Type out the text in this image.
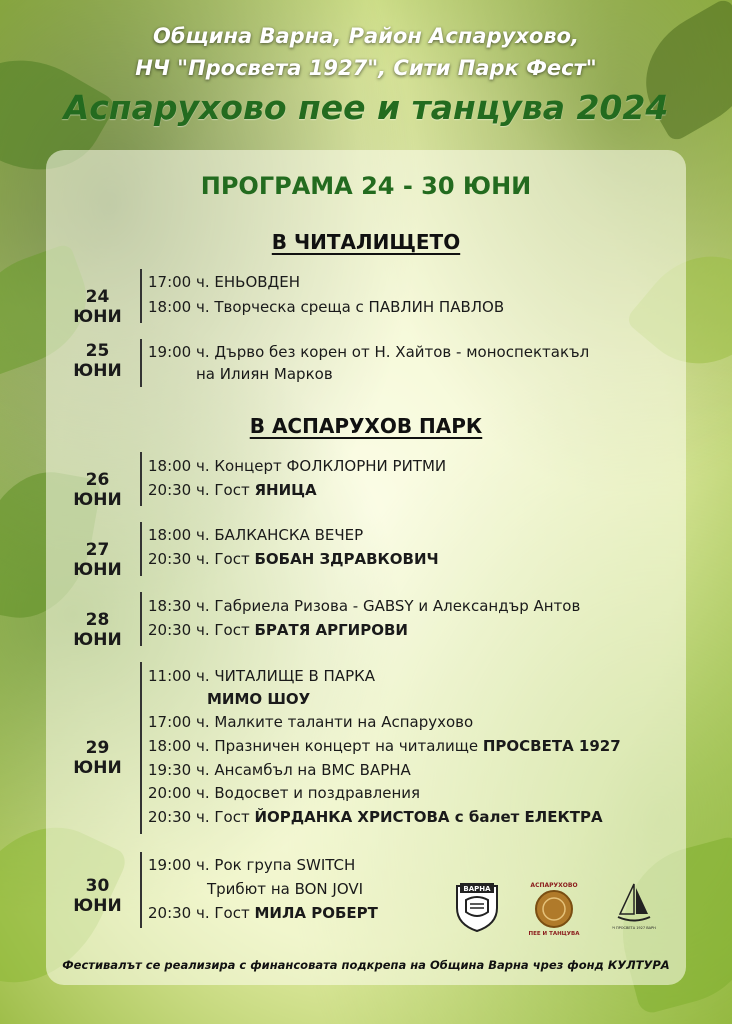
Община Варна, Район Аспарухово,
НЧ "Просвета 1927", Сити Парк Фест"
Аспарухово пее и танцува 2024
ПРОГРАМА 24 - 30 ЮНИ
В ЧИТАЛИЩЕТО
24 ЮНИ
17:00 ч. ЕНЬОВДЕН
18:00 ч. Творческа среща с ПАВЛИН ПАВЛОВ
25 ЮНИ
19:00 ч. Дърво без корен от Н. Хайтов - моноспектакъл
на Илиян Марков
В АСПАРУХОВ ПАРК
26 ЮНИ
18:00 ч. Концерт ФОЛКЛОРНИ РИТМИ
20:30 ч. Гост ЯНИЦА
27 ЮНИ
18:00 ч. БАЛКАНСКА ВЕЧЕР
20:30 ч. Гост БОБАН ЗДРАВКОВИЧ
28 ЮНИ
18:30 ч. Габриела Ризова - GABSY и Александър Антов
20:30 ч. Гост БРАТЯ АРГИРОВИ
29 ЮНИ
11:00 ч. ЧИТАЛИЩЕ В ПАРКА
МИМО ШОУ
17:00 ч. Малките таланти на Аспарухово
18:00 ч. Празничен концерт на читалище ПРОСВЕТА 1927
19:30 ч. Ансамбъл на ВМС ВАРНА
20:00 ч. Водосвет и поздравления
20:30 ч. Гост ЙОРДАНКА ХРИСТОВА с балет ЕЛЕКТРА
30 ЮНИ
19:00 ч. Рок група SWITCH
Трибют на BON JOVI
20:30 ч. Гост МИЛА РОБЕРТ
ВАРНА	АСПАРУХОВО
ПЕЕ И ТАНЦУВА
НЧ ПРОСВЕТА 1927 ВАРНА
Фестивалът се реализира с финансовата подкрепа на Община Варна чрез фонд КУЛТУРА
